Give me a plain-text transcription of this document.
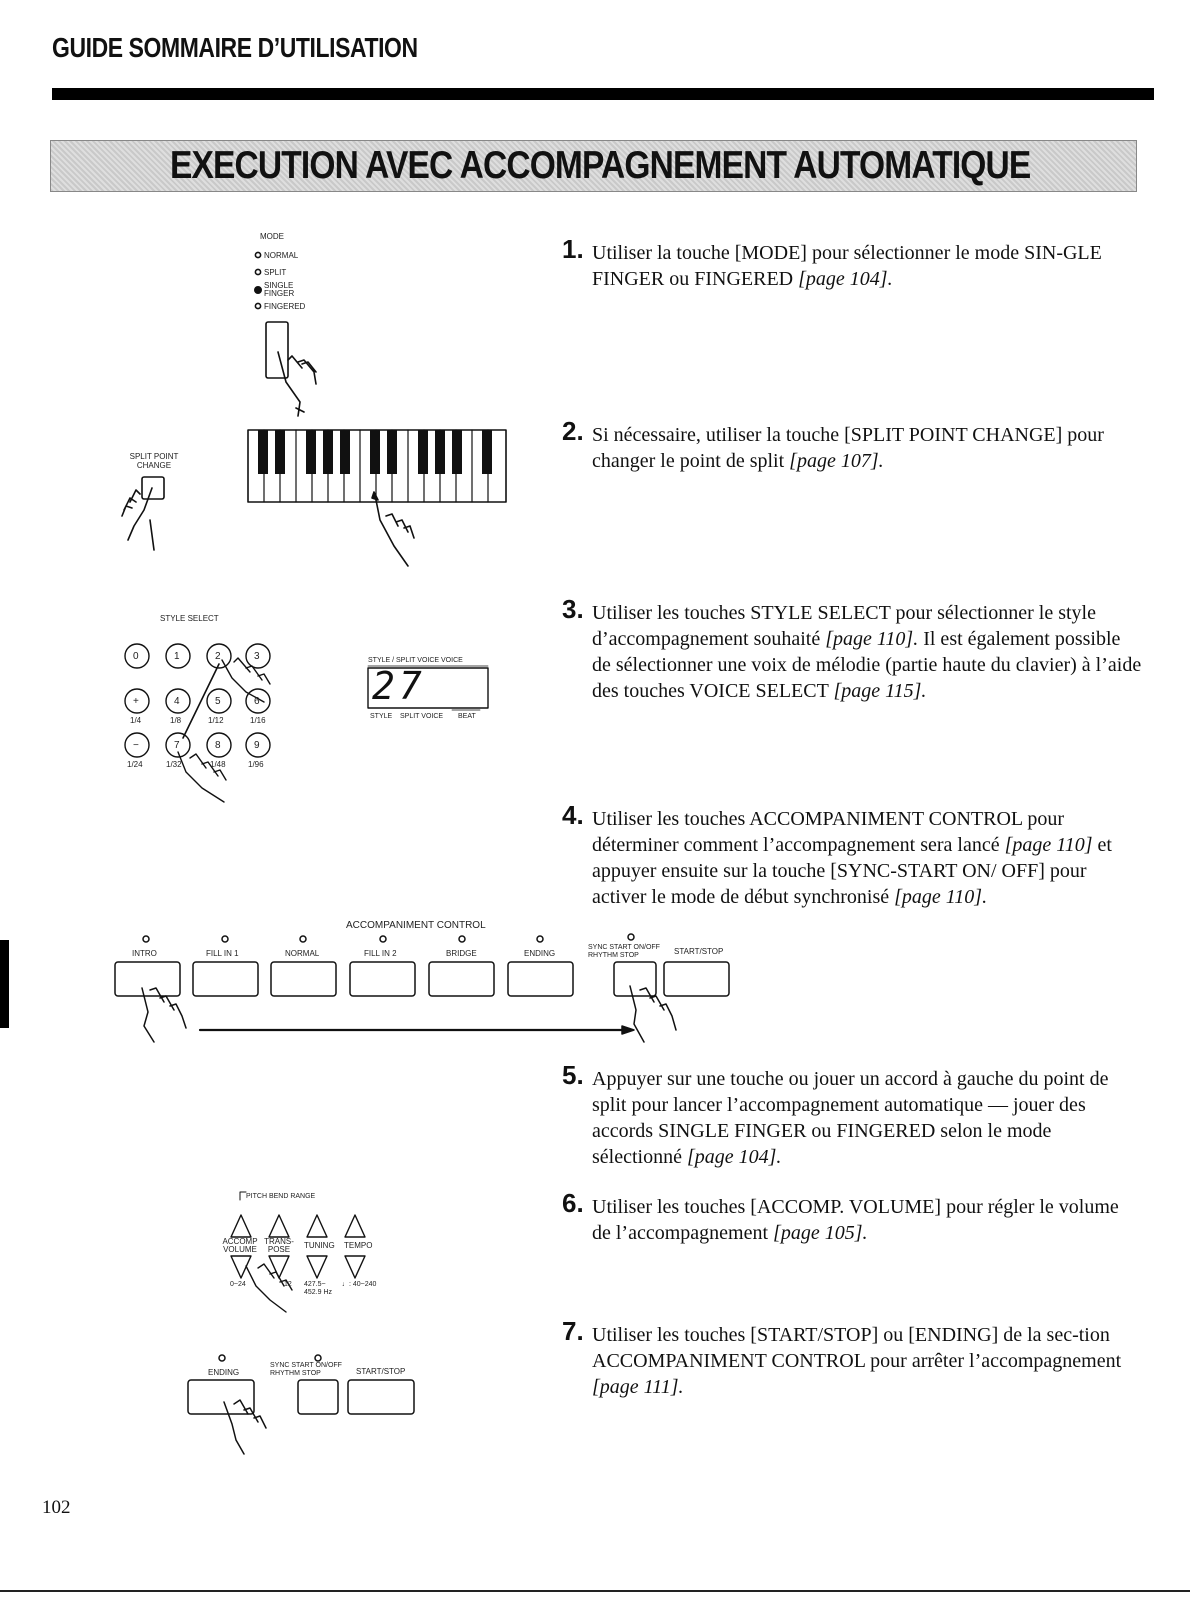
GUIDE SOMMAIRE D’UTILISATION
EXECUTION AVEC ACCOMPAGNEMENT AUTOMATIQUE
1. Utiliser la touche [MODE] pour sélectionner le mode SIN-GLE FINGER ou FINGERED [page 104].
2. Si nécessaire, utiliser la touche [SPLIT POINT CHANGE] pour changer le point de split [page 107].
3. Utiliser les touches STYLE SELECT pour sélectionner le style d’accompagnement souhaité [page 110]. Il est également possible de sélectionner une voix de mélodie (partie haute du clavier) à l’aide des touches VOICE SELECT [page 115].
4. Utiliser les touches ACCOMPANIMENT CONTROL pour déterminer comment l’accompagnement sera lancé [page 110] et appuyer ensuite sur la touche [SYNC-START ON/ OFF] pour activer le mode de début synchronisé [page 110].
5. Appuyer sur une touche ou jouer un accord à gauche du point de split pour lancer l’accompagnement automatique — jouer des accords SINGLE FINGER ou FINGERED selon le mode sélectionné [page 104].
6. Utiliser les touches [ACCOMP. VOLUME] pour régler le volume de l’accompagnement [page 105].
7. Utiliser les touches [START/STOP] ou [ENDING] de la sec-tion ACCOMPANIMENT CONTROL pour arrêter l’accompagnement [page 111].
MODE
NORMAL
SPLIT
SINGLE FINGER
FINGERED
SPLIT POINT CHANGE
STYLE SELECT
0	1	2	3
+	4	5	6
1/4	1/8	1/12	1/16
−	7	8	9
1/24	1/32	1/48	1/96
STYLE / SPLIT VOICE VOICE
27
STYLE SPLIT VOICE BEAT
ACCOMPANIMENT CONTROL
INTRO	FILL IN 1	NORMAL	FILL IN 2	BRIDGE	ENDING
SYNC START ON/OFF RHYTHM STOP	START/STOP
PITCH BEND RANGE
ACCOMP VOLUME
TRANS-POSE	TUNING TEMPO
0~24	12 427.5~ 452.9 Hz
♩: 40~240
ENDING
SYNC START ON/OFF RHYTHM STOP	START/STOP
102
